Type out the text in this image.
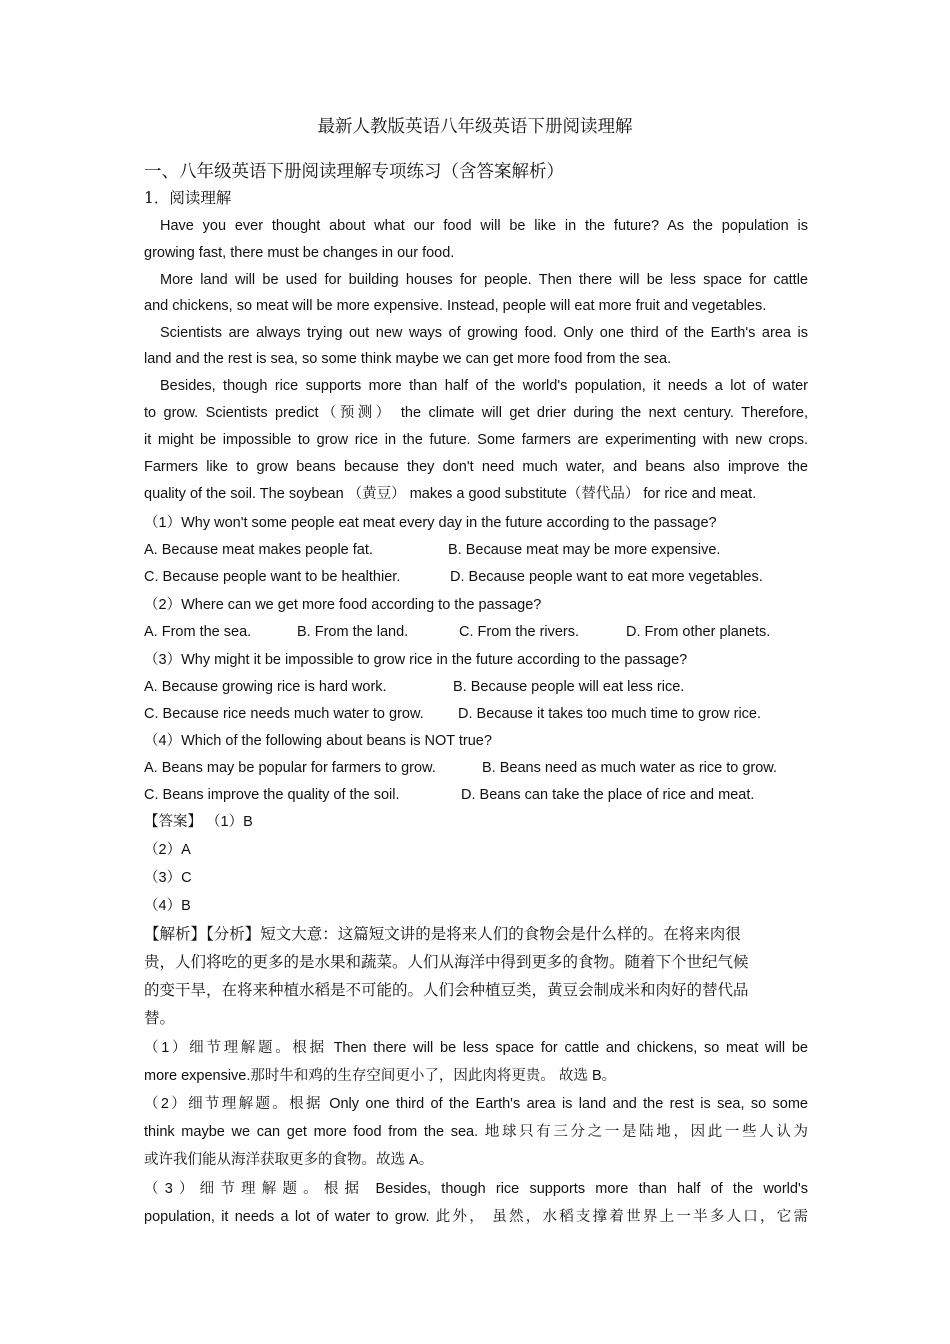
最新人教版英语八年级英语下册阅读理解
一、八年级英语下册阅读理解专项练习（含答案解析）
1．阅读理解
Have you ever thought about what our food will be like in the future? As the population is
growing fast, there must be changes in our food.
More land will be used for building houses for people. Then there will be less space for cattle
and chickens, so meat will be more expensive. Instead, people will eat more fruit and vegetables.
Scientists are always trying out new ways of growing food. Only one third of the Earth's area is
land and the rest is sea, so some think maybe we can get more food from the sea.
Besides, though rice supports more than half of the world's population, it needs a lot of water
to grow. Scientists predict（预测） the climate will get drier during the next century. Therefore,
it might be impossible to grow rice in the future. Some farmers are experimenting with new crops.
Farmers like to grow beans because they don't need much water, and beans also improve the
quality of the soil. The soybean （黄豆） makes a good substitute（替代品） for rice and meat.
（1）Why won't some people eat meat every day in the future according to the passage?
A. Because meat makes people fat.	B. Because meat may be more expensive.
C. Because people want to be healthier.	D. Because people want to eat more vegetables.
（2）Where can we get more food according to the passage?
A. From the sea.	B. From the land.	C. From the rivers.	D. From other planets.
（3）Why might it be impossible to grow rice in the future according to the passage?
A. Because growing rice is hard work.	B. Because people will eat less rice.
C. Because rice needs much water to grow. D. Because it takes too much time to grow rice.
（4）Which of the following about beans is NOT true?
A. Beans may be popular for farmers to grow.	B. Beans need as much water as rice to grow.
C. Beans improve the quality of the soil.	D. Beans can take the place of rice and meat.
【答案】 （1）B
（2）A
（3）C
（4）B
【解析】【分析】短文大意：这篇短文讲的是将来人们的食物会是什么样的。在将来肉很
贵，人们将吃的更多的是水果和蔬菜。人们从海洋中得到更多的食物。随着下个世纪气候
的变干旱，在将来种植水稻是不可能的。人们会种植豆类，黄豆会制成米和肉好的替代品
替。
（1）细节理解题。根据 Then there will be less space for cattle and chickens, so meat will be
more expensive.那时牛和鸡的生存空间更小了，因此肉将更贵。 故选 B。
（2）细节理解题。根据 Only one third of the Earth's area is land and the rest is sea, so some
think maybe we can get more food from the sea. 地球只有三分之一是陆地，因此一些人认为
或许我们能从海洋获取更多的食物。故选 A。
（3）细节理解题。根据 Besides, though rice supports more than half of the world's
population, it needs a lot of water to grow. 此外， 虽然，水稻支撑着世界上一半多人口，它需
